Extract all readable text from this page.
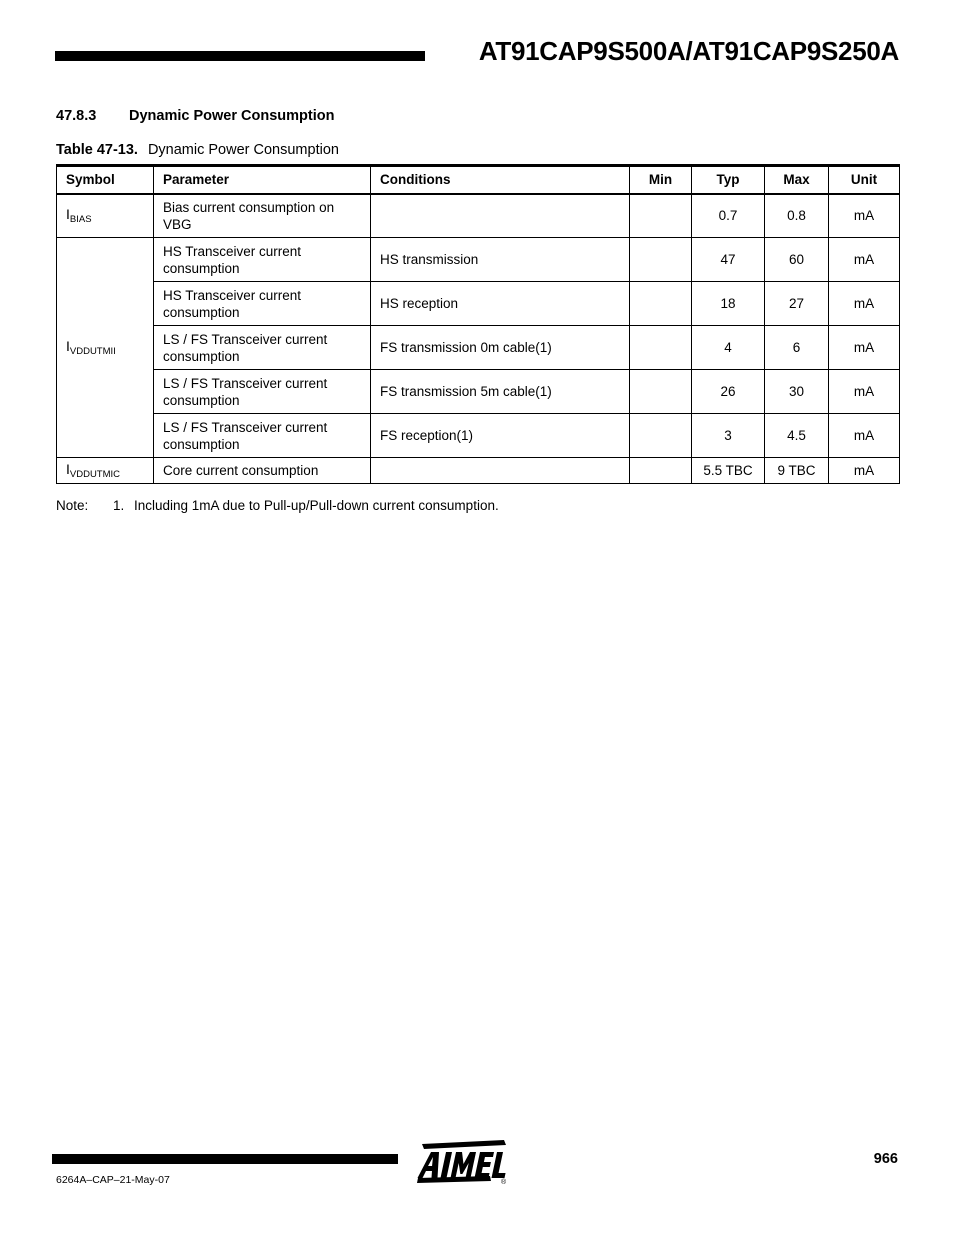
AT91CAP9S500A/AT91CAP9S250A
47.8.3 Dynamic Power Consumption
Table 47-13. Dynamic Power Consumption
Symbol	Parameter	Conditions	Min	Typ	Max	Unit
$I_{BIAS}$	Bias current consumption on VBG			0.7	0.8	mA
$I_{VDDUTMII}$	HS Transceiver current consumption	HS transmission		47	60	mA
	HS Transceiver current consumption	HS reception		18	27	mA
	LS / FS Transceiver current consumption	FS transmission 0m cable(1)		4	6	mA
	LS / FS Transceiver current consumption	FS transmission 5m cable(1)		26	30	mA
	LS / FS Transceiver current consumption	FS reception(1)		3	4.5	mA
$I_{VDDUTMIC}$	Core current consumption			5.5 TBC	9 TBC	mA
Note: 1. Including 1mA due to Pull-up/Pull-down current consumption.
®
966
6264A–CAP–21-May-07
